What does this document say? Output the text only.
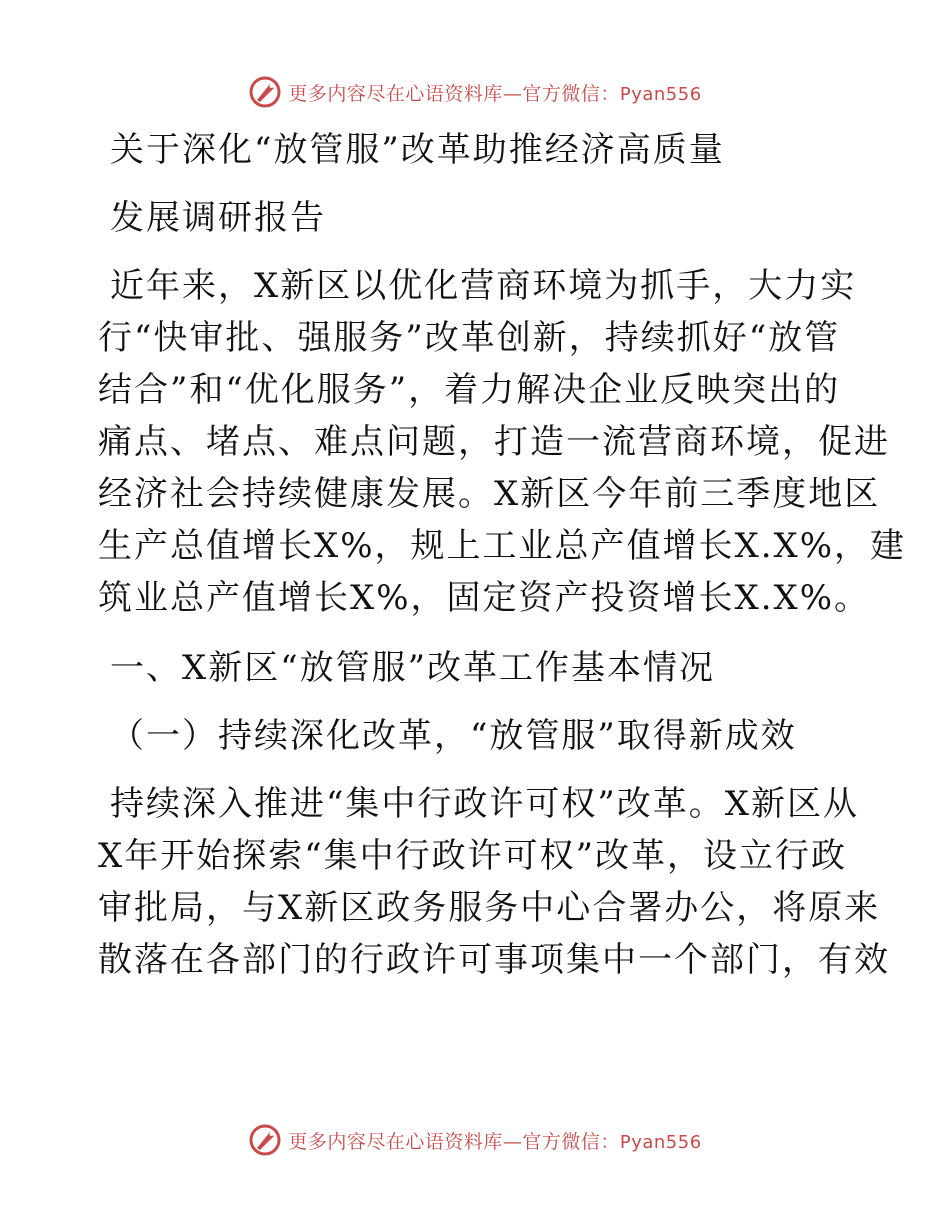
更多内容尽在心语资料库—官方微信：Pyan556
关于深化“放管服”改革助推经济高质量
发展调研报告
近年来，X新区以优化营商环境为抓手，大力实
行“快审批、强服务”改革创新，持续抓好“放管
结合”和“优化服务”，着力解决企业反映突出的
痛点、堵点、难点问题，打造一流营商环境，促进
经济社会持续健康发展。X新区今年前三季度地区
生产总值增长X%，规上工业总产值增长X.X%，建
筑业总产值增长X%，固定资产投资增长X.X%。
一、X新区“放管服”改革工作基本情况
（一）持续深化改革，“放管服”取得新成效
持续深入推进“集中行政许可权”改革。X新区从
X年开始探索“集中行政许可权”改革，设立行政
审批局，与X新区政务服务中心合署办公，将原来
散落在各部门的行政许可事项集中一个部门，有效
更多内容尽在心语资料库—官方微信：Pyan556
